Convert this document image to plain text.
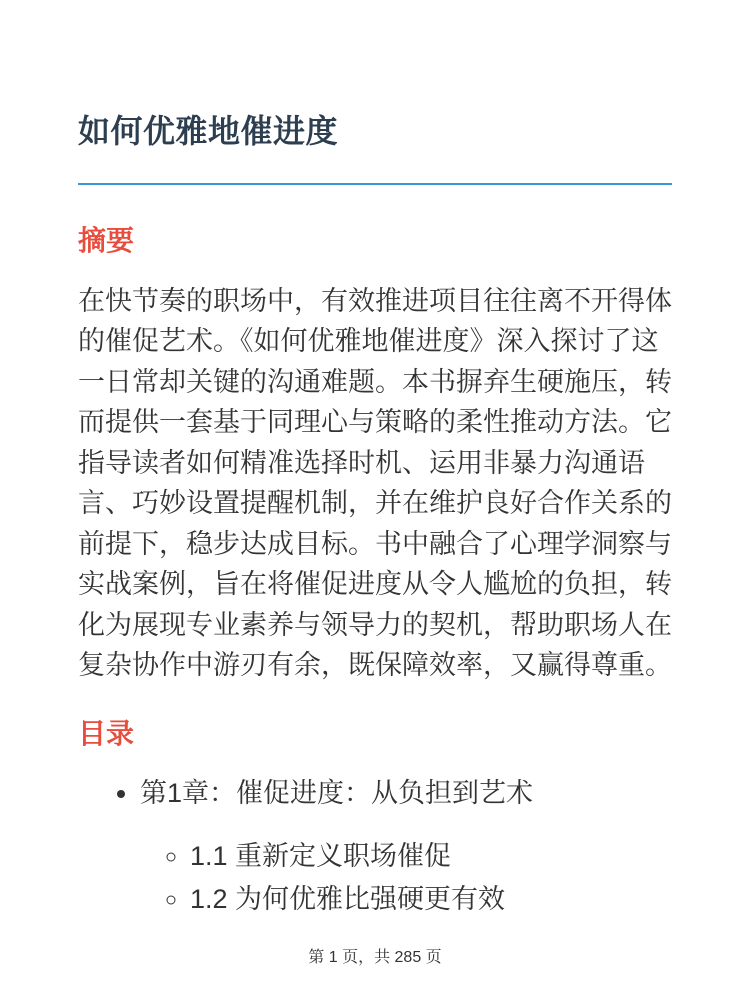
如何优雅地催进度
摘要

在快节奏的职场中，有效推进项目往往离不开得体的催促艺术。《如何优雅地催进度》深入探讨了这一日常却关键的沟通难题。本书摒弃生硬施压，转而提供一套基于同理心与策略的柔性推动方法。它指导读者如何精准选择时机、运用非暴力沟通语言、巧妙设置提醒机制，并在维护良好合作关系的前提下，稳步达成目标。书中融合了心理学洞察与实战案例，旨在将催促进度从令人尴尬的负担，转化为展现专业素养与领导力的契机，帮助职场人在复杂协作中游刃有余，既保障效率，又赢得尊重。

目录
• 第1章：催促进度：从负担到艺术
◦ 1.1 重新定义职场催促
◦ 1.2 为何优雅比强硬更有效
第 1 页，共 285 页
